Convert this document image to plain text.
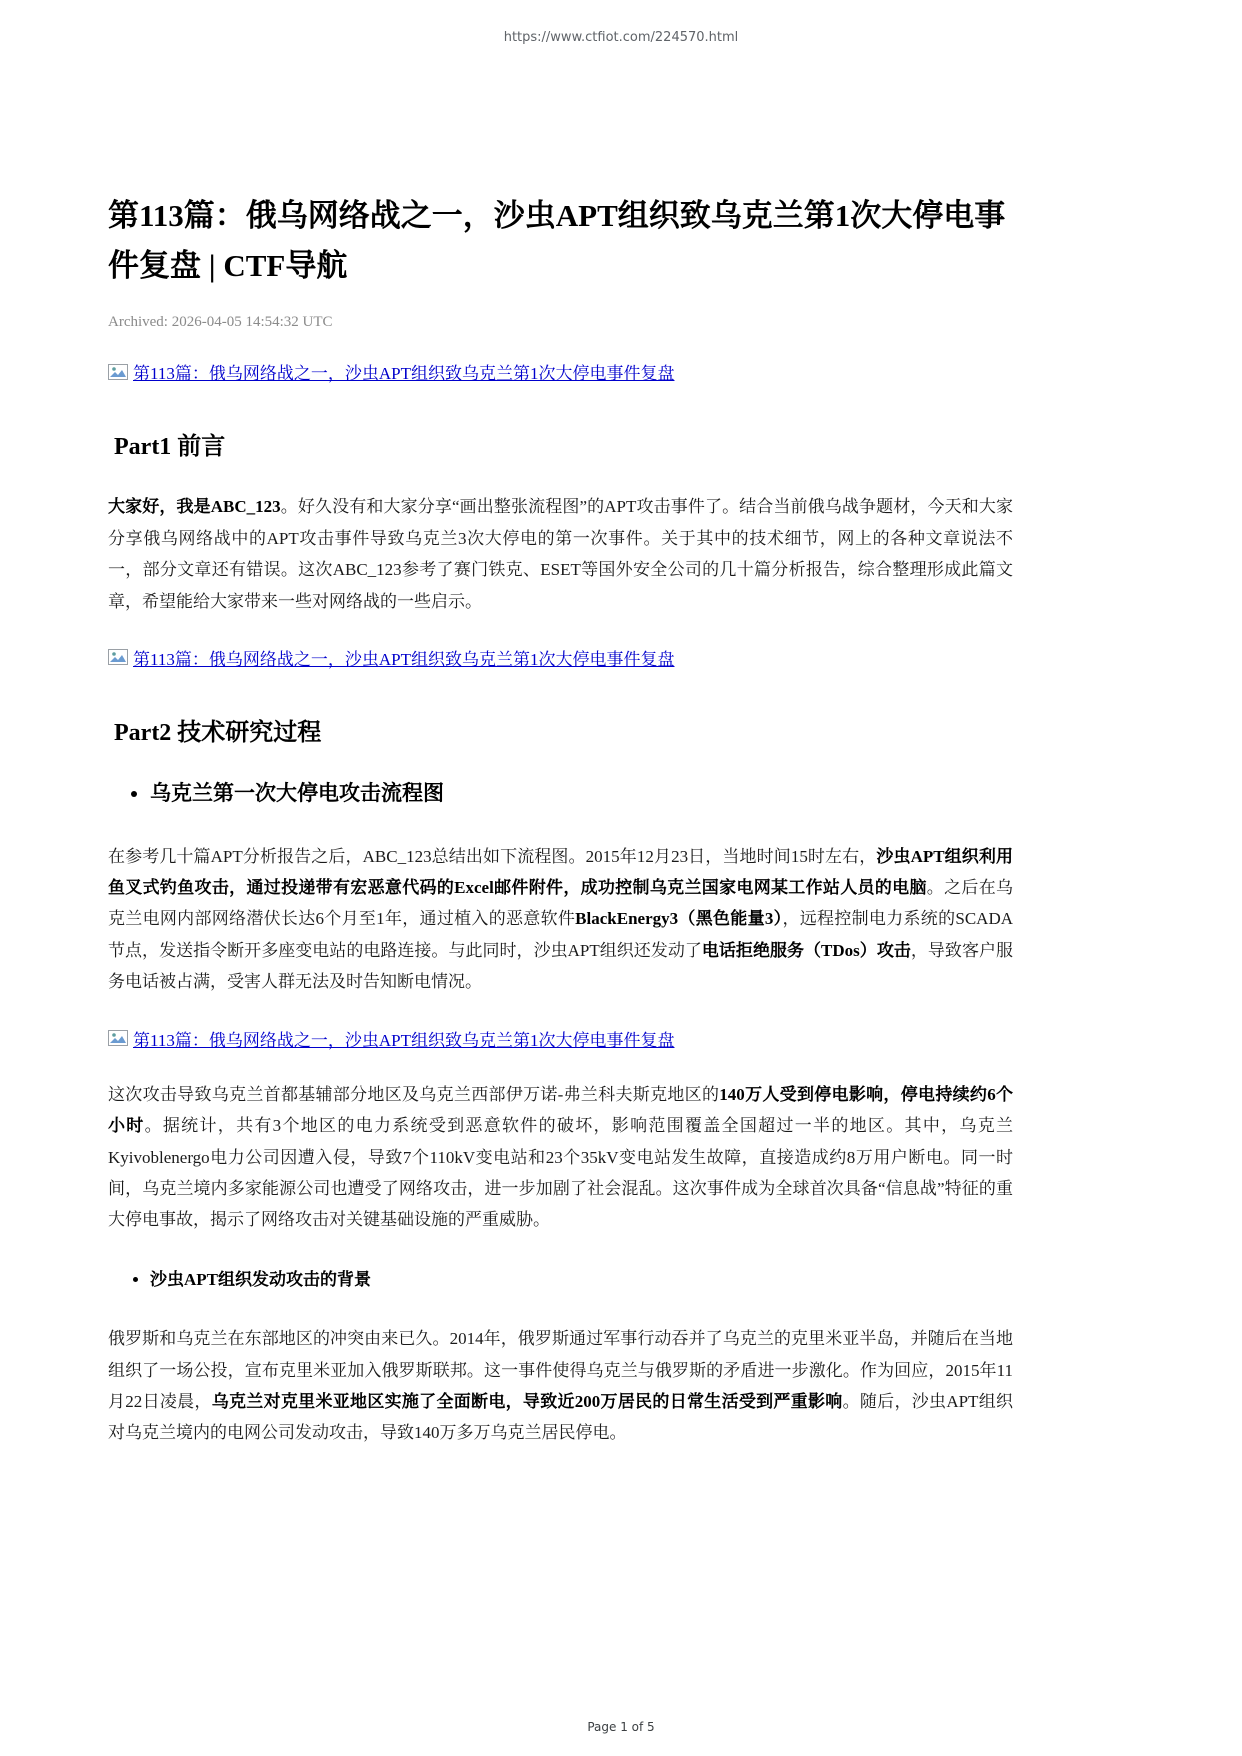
https://www.ctfiot.com/224570.html
第113篇：俄乌网络战之一，沙虫APT组织致乌克兰第1次大停电事件复盘 | CTF导航
Archived: 2026-04-05 14:54:32 UTC

第113篇：俄乌网络战之一，沙虫APT组织致乌克兰第1次大停电事件复盘

Part1 前言

大家好，我是ABC_123。好久没有和大家分享“画出整张流程图”的APT攻击事件了。结合当前俄乌战争题材，今天和大家分享俄乌网络战中的APT攻击事件导致乌克兰3次大停电的第一次事件。关于其中的技术细节，网上的各种文章说法不一，部分文章还有错误。这次ABC_123参考了赛门铁克、ESET等国外安全公司的几十篇分析报告，综合整理形成此篇文章，希望能给大家带来一些对网络战的一些启示。

第113篇：俄乌网络战之一，沙虫APT组织致乌克兰第1次大停电事件复盘

Part2 技术研究过程
• 乌克兰第一次大停电攻击流程图

在参考几十篇APT分析报告之后，ABC_123总结出如下流程图。2015年12月23日，当地时间15时左右，沙虫APT组织利用鱼叉式钓鱼攻击，通过投递带有宏恶意代码的Excel邮件附件，成功控制乌克兰国家电网某工作站人员的电脑。之后在乌克兰电网内部网络潜伏长达6个月至1年，通过植入的恶意软件BlackEnergy3（黑色能量3），远程控制电力系统的SCADA节点，发送指令断开多座变电站的电路连接。与此同时，沙虫APT组织还发动了电话拒绝服务（TDos）攻击，导致客户服务电话被占满，受害人群无法及时告知断电情况。

第113篇：俄乌网络战之一，沙虫APT组织致乌克兰第1次大停电事件复盘

这次攻击导致乌克兰首都基辅部分地区及乌克兰西部伊万诺-弗兰科夫斯克地区的140万人受到停电影响，停电持续约6个小时。据统计，共有3个地区的电力系统受到恶意软件的破坏，影响范围覆盖全国超过一半的地区。其中，乌克兰Kyivoblenergo电力公司因遭入侵，导致7个110kV变电站和23个35kV变电站发生故障，直接造成约8万用户断电。同一时间，乌克兰境内多家能源公司也遭受了网络攻击，进一步加剧了社会混乱。这次事件成为全球首次具备“信息战”特征的重大停电事故，揭示了网络攻击对关键基础设施的严重威胁。

• 沙虫APT组织发动攻击的背景

俄罗斯和乌克兰在东部地区的冲突由来已久。2014年，俄罗斯通过军事行动吞并了乌克兰的克里米亚半岛，并随后在当地组织了一场公投，宣布克里米亚加入俄罗斯联邦。这一事件使得乌克兰与俄罗斯的矛盾进一步激化。作为回应，2015年11月22日凌晨，乌克兰对克里米亚地区实施了全面断电，导致近200万居民的日常生活受到严重影响。随后，沙虫APT组织对乌克兰境内的电网公司发动攻击，导致140万多万乌克兰居民停电。

Page 1 of 5
